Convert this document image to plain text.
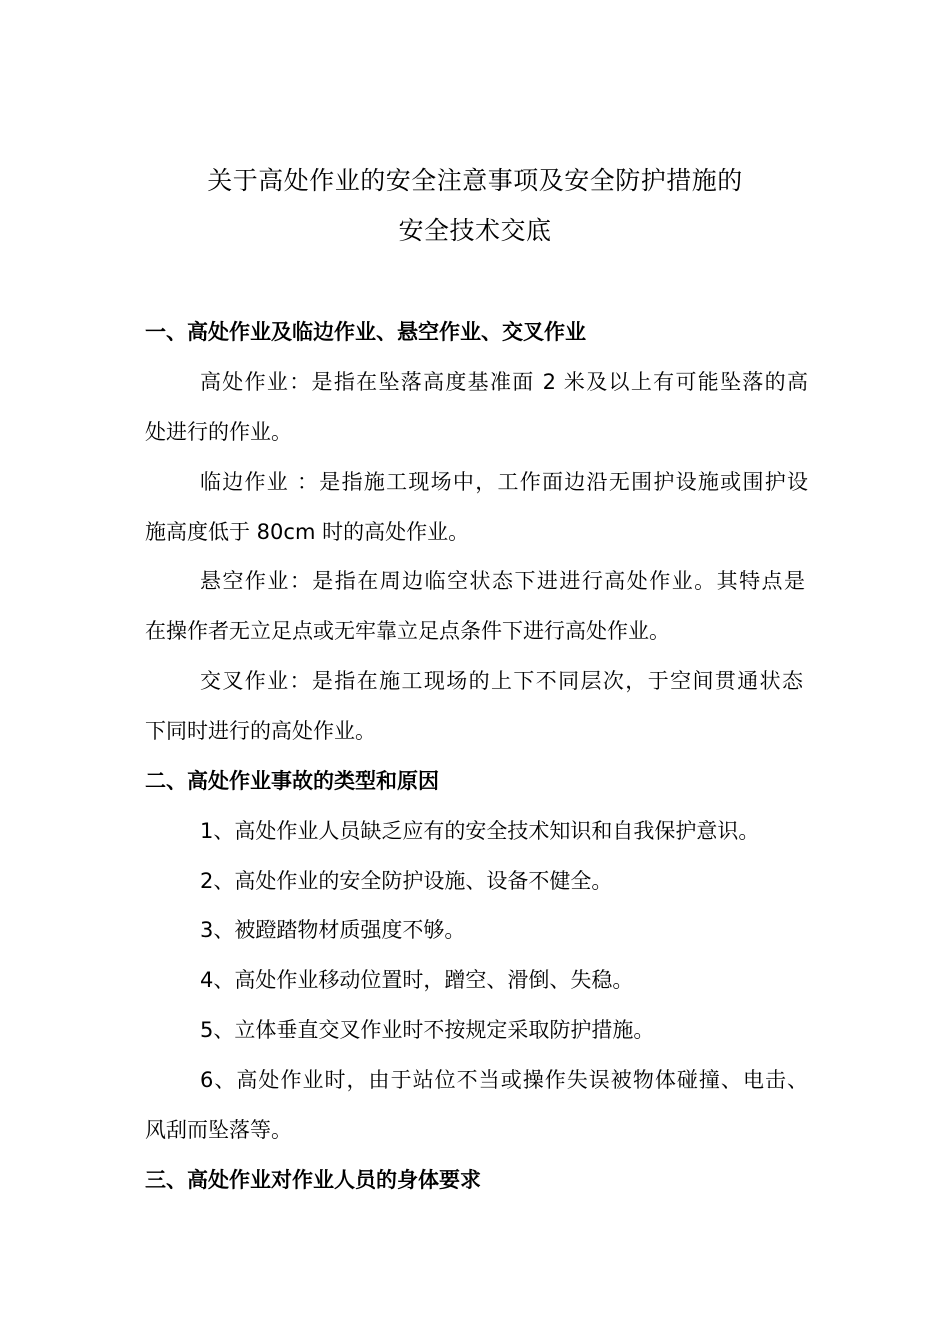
关于高处作业的安全注意事项及安全防护措施的
安全技术交底
一、高处作业及临边作业、悬空作业、交叉作业
高处作业：是指在坠落高度基准面 2 米及以上有可能坠落的高
处进行的作业。
临边作业 ：是指施工现场中，工作面边沿无围护设施或围护设
施高度低于 80cm 时的高处作业。
悬空作业：是指在周边临空状态下进进行高处作业。其特点是
在操作者无立足点或无牢靠立足点条件下进行高处作业。
交叉作业：是指在施工现场的上下不同层次，于空间贯通状态
下同时进行的高处作业。
二、高处作业事故的类型和原因
1、高处作业人员缺乏应有的安全技术知识和自我保护意识。
2、高处作业的安全防护设施、设备不健全。
3、被蹬踏物材质强度不够。
4、高处作业移动位置时，蹭空、滑倒、失稳。
5、立体垂直交叉作业时不按规定采取防护措施。
6、高处作业时，由于站位不当或操作失误被物体碰撞、电击、
风刮而坠落等。
三、高处作业对作业人员的身体要求
